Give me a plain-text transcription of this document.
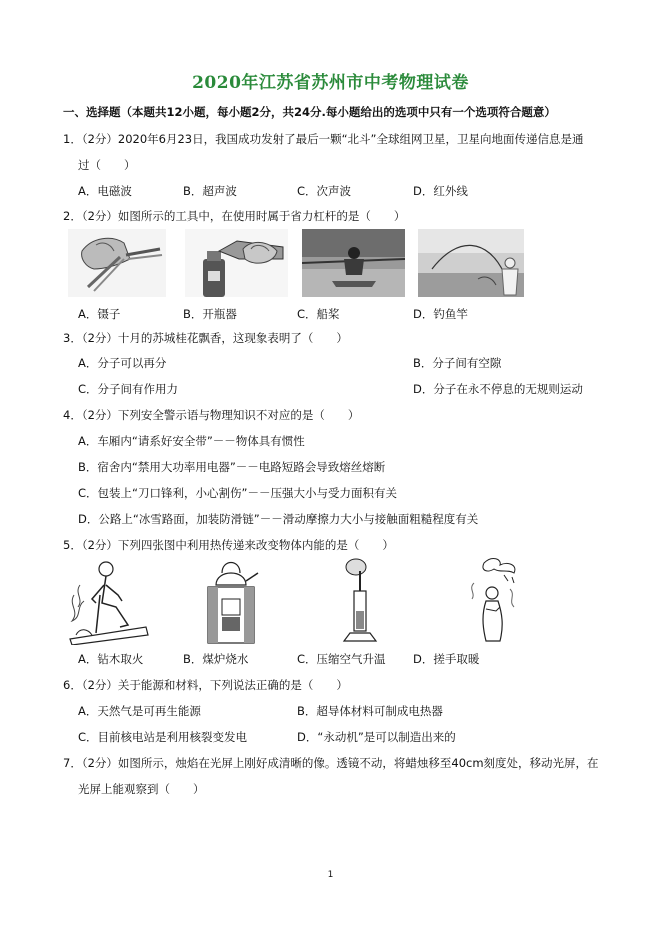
2020年江苏省苏州市中考物理试卷
一、选择题（本题共12小题，每小题2分，共24分.每小题给出的选项中只有一个选项符合题意）
1．（2分）2020年6月23日，我国成功发射了最后一颗“北斗”全球组网卫星，卫星向地面传递信息是通
过（　　）
A．电磁波	B．超声波	C．次声波	D．红外线
2．（2分）如图所示的工具中，在使用时属于省力杠杆的是（　　）
A．镊子	B．开瓶器	C．船桨	D．钓鱼竿
3．（2分）十月的苏城桂花飘香，这现象表明了（　　）
A．分子可以再分	B．分子间有空隙
C．分子间有作用力	D．分子在永不停息的无规则运动
4．（2分）下列安全警示语与物理知识不对应的是（　　）
A．车厢内“请系好安全带”－－物体具有惯性
B．宿舍内“禁用大功率用电器”－－电路短路会导致熔丝熔断
C．包装上“刀口锋利，小心割伤”－－压强大小与受力面积有关
D．公路上“冰雪路面，加装防滑链”－－滑动摩擦力大小与接触面粗糙程度有关
5．（2分）下列四张图中利用热传递来改变物体内能的是（　　）
A．钻木取火	B．煤炉烧水	C．压缩空气升温 D．搓手取暖
6．（2分）关于能源和材料，下列说法正确的是（　　）
A．天然气是可再生能源	B．超导体材料可制成电热器
C．目前核电站是利用核裂变发电	D．“永动机”是可以制造出来的
7．（2分）如图所示，烛焰在光屏上刚好成清晰的像。透镜不动，将蜡烛移至40cm刻度处，移动光屏，在
光屏上能观察到（　　）
1
